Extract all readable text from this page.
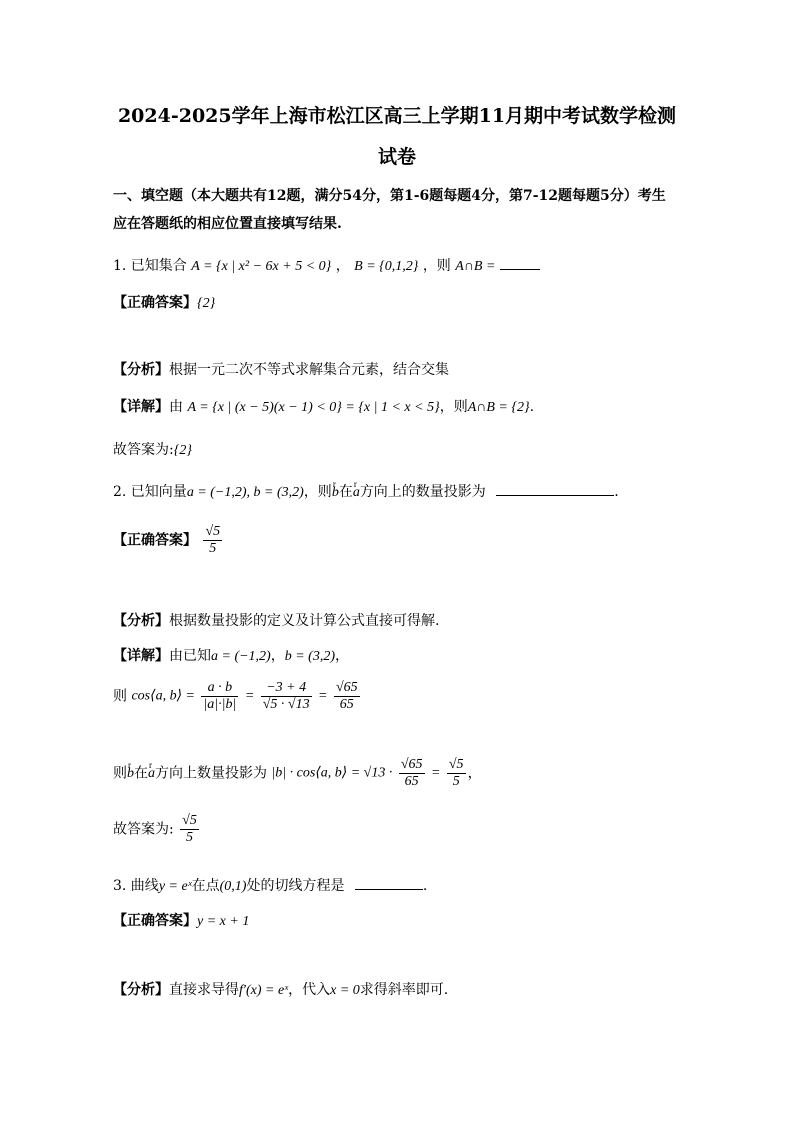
2024-2025学年上海市松江区高三上学期11月期中考试数学检测
试卷
一、填空题（本大题共有12题，满分54分，第1-6题每题4分，第7-12题每题5分）考生
应在答题纸的相应位置直接填写结果.
1. 已知集合 A = {x | x² − 6x + 5 < 0} ， B = {0,1,2} ，则 A∩B =
【正确答案】{2}
【分析】根据一元二次不等式求解集合元素，结合交集
【详解】由 A = {x | (x − 5)(x − 1) < 0} = {x | 1 < x < 5}，则A∩B = {2}.
故答案为:{2}
2. 已知向量a = (−1,2), b = (3,2)，则r b在r a方向上的数量投影为	.
【正确答案】 $\frac{√5}{5}$
【分析】根据数量投影的定义及计算公式直接可得解.
【详解】由已知a = (−1,2)，b = (3,2)，
则 cos⟨a, b⟩ = $\frac{a \cdot b}{|a|\cdot|b|} = \frac{-3 + 4}{√5 \cdot √13} = \frac{√65}{65}$
则r b在r a方向上数量投影为 |b| · cos⟨a, b⟩ = $√13 \cdot \frac{√65}{65} = \frac{√5}{5}$ ，
故答案为: $\frac{√5}{5}$
3. 曲线y = eˣ在点(0,1)处的切线方程是	.
【正确答案】y = x + 1
【分析】直接求导得f′(x) = eˣ，代入x = 0求得斜率即可.
